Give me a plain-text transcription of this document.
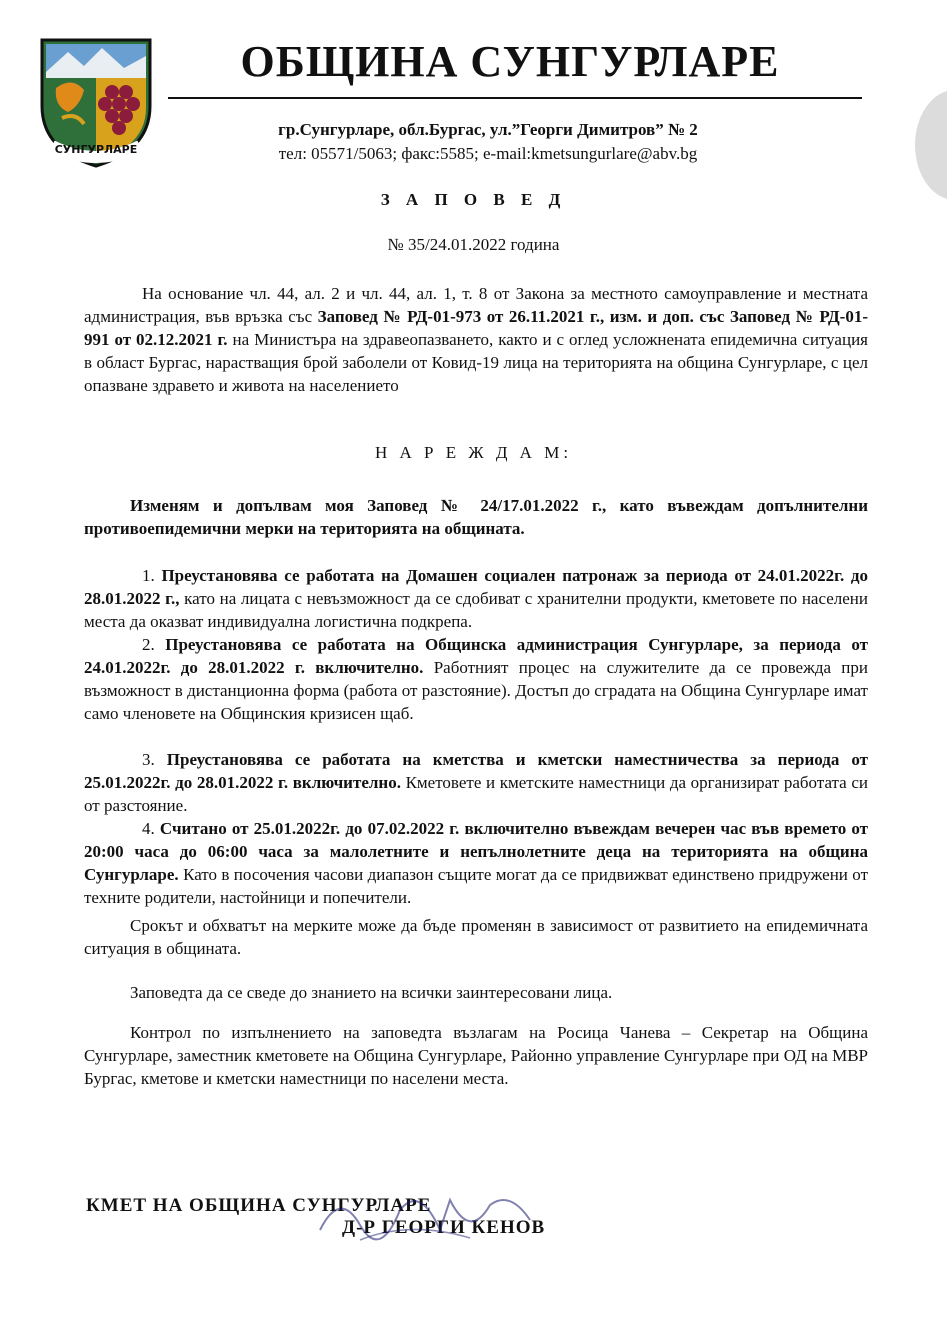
СУНГУРЛАРЕ
ОБЩИНА СУНГУРЛАРЕ
гр.Сунгурларе, обл.Бургас, ул.”Георги Димитров” № 2
тел: 05571/5063; факс:5585; e-mail:kmetsungurlare@abv.bg
З А П О В Е Д
№ 35/24.01.2022 година

На основание чл. 44, ал. 2 и чл. 44, ал. 1, т. 8 от Закона за местното самоуправление и местната администрация, във връзка със Заповед № РД-01-973 от 26.11.2021 г., изм. и доп. със Заповед № РД-01-991 от 02.12.2021 г. на Министъра на здравеопазването, както и с оглед усложнената епидемична ситуация в област Бургас, нарастващия брой заболели от Ковид-19 лица на територията на община Сунгурларе, с цел опазване здравето и живота на населението

Н А Р Е Ж Д А М:

Изменям и допълвам моя Заповед № 24/17.01.2022 г., като въвеждам допълнителни противоепидемични мерки на територията на общината.

1. Преустановява се работата на Домашен социален патронаж за периода от 24.01.2022г. до 28.01.2022 г., като на лицата с невъзможност да се сдобиват с хранителни продукти, кметовете по населени места да оказват индивидуална логистична подкрепа.

2. Преустановява се работата на Общинска администрация Сунгурларе, за периода от 24.01.2022г. до 28.01.2022 г. включително. Работният процес на служителите да се провежда при възможност в дистанционна форма (работа от разстояние). Достъп до сградата на Община Сунгурларе имат само членовете на Общинския кризисен щаб.

3. Преустановява се работата на кметства и кметски наместничества за периода от 25.01.2022г. до 28.01.2022 г. включително. Кметовете и кметските наместници да организират работата си от разстояние.

4. Считано от 25.01.2022г. до 07.02.2022 г. включително въвеждам вечерен час във времето от 20:00 часа до 06:00 часа за малолетните и непълнолетните деца на територията на община Сунгурларе. Като в посочения часови диапазон същите могат да се придвижват единствено придружени от техните родители, настойници и попечители.

Срокът и обхватът на мерките може да бъде променян в зависимост от развитието на епидемичната ситуация в общината.

Заповедта да се сведе до знанието на всички заинтересовани лица.

Контрол по изпълнението на заповедта възлагам на Росица Чанева – Секретар на Община Сунгурларе, заместник кметовете на Община Сунгурларе, Районно управление Сунгурларе при ОД на МВР Бургас, кметове и кметски наместници по населени места.

КМЕТ НА ОБЩИНА СУНГУРЛАРЕ
Д-Р ГЕОРГИ КЕНОВ
